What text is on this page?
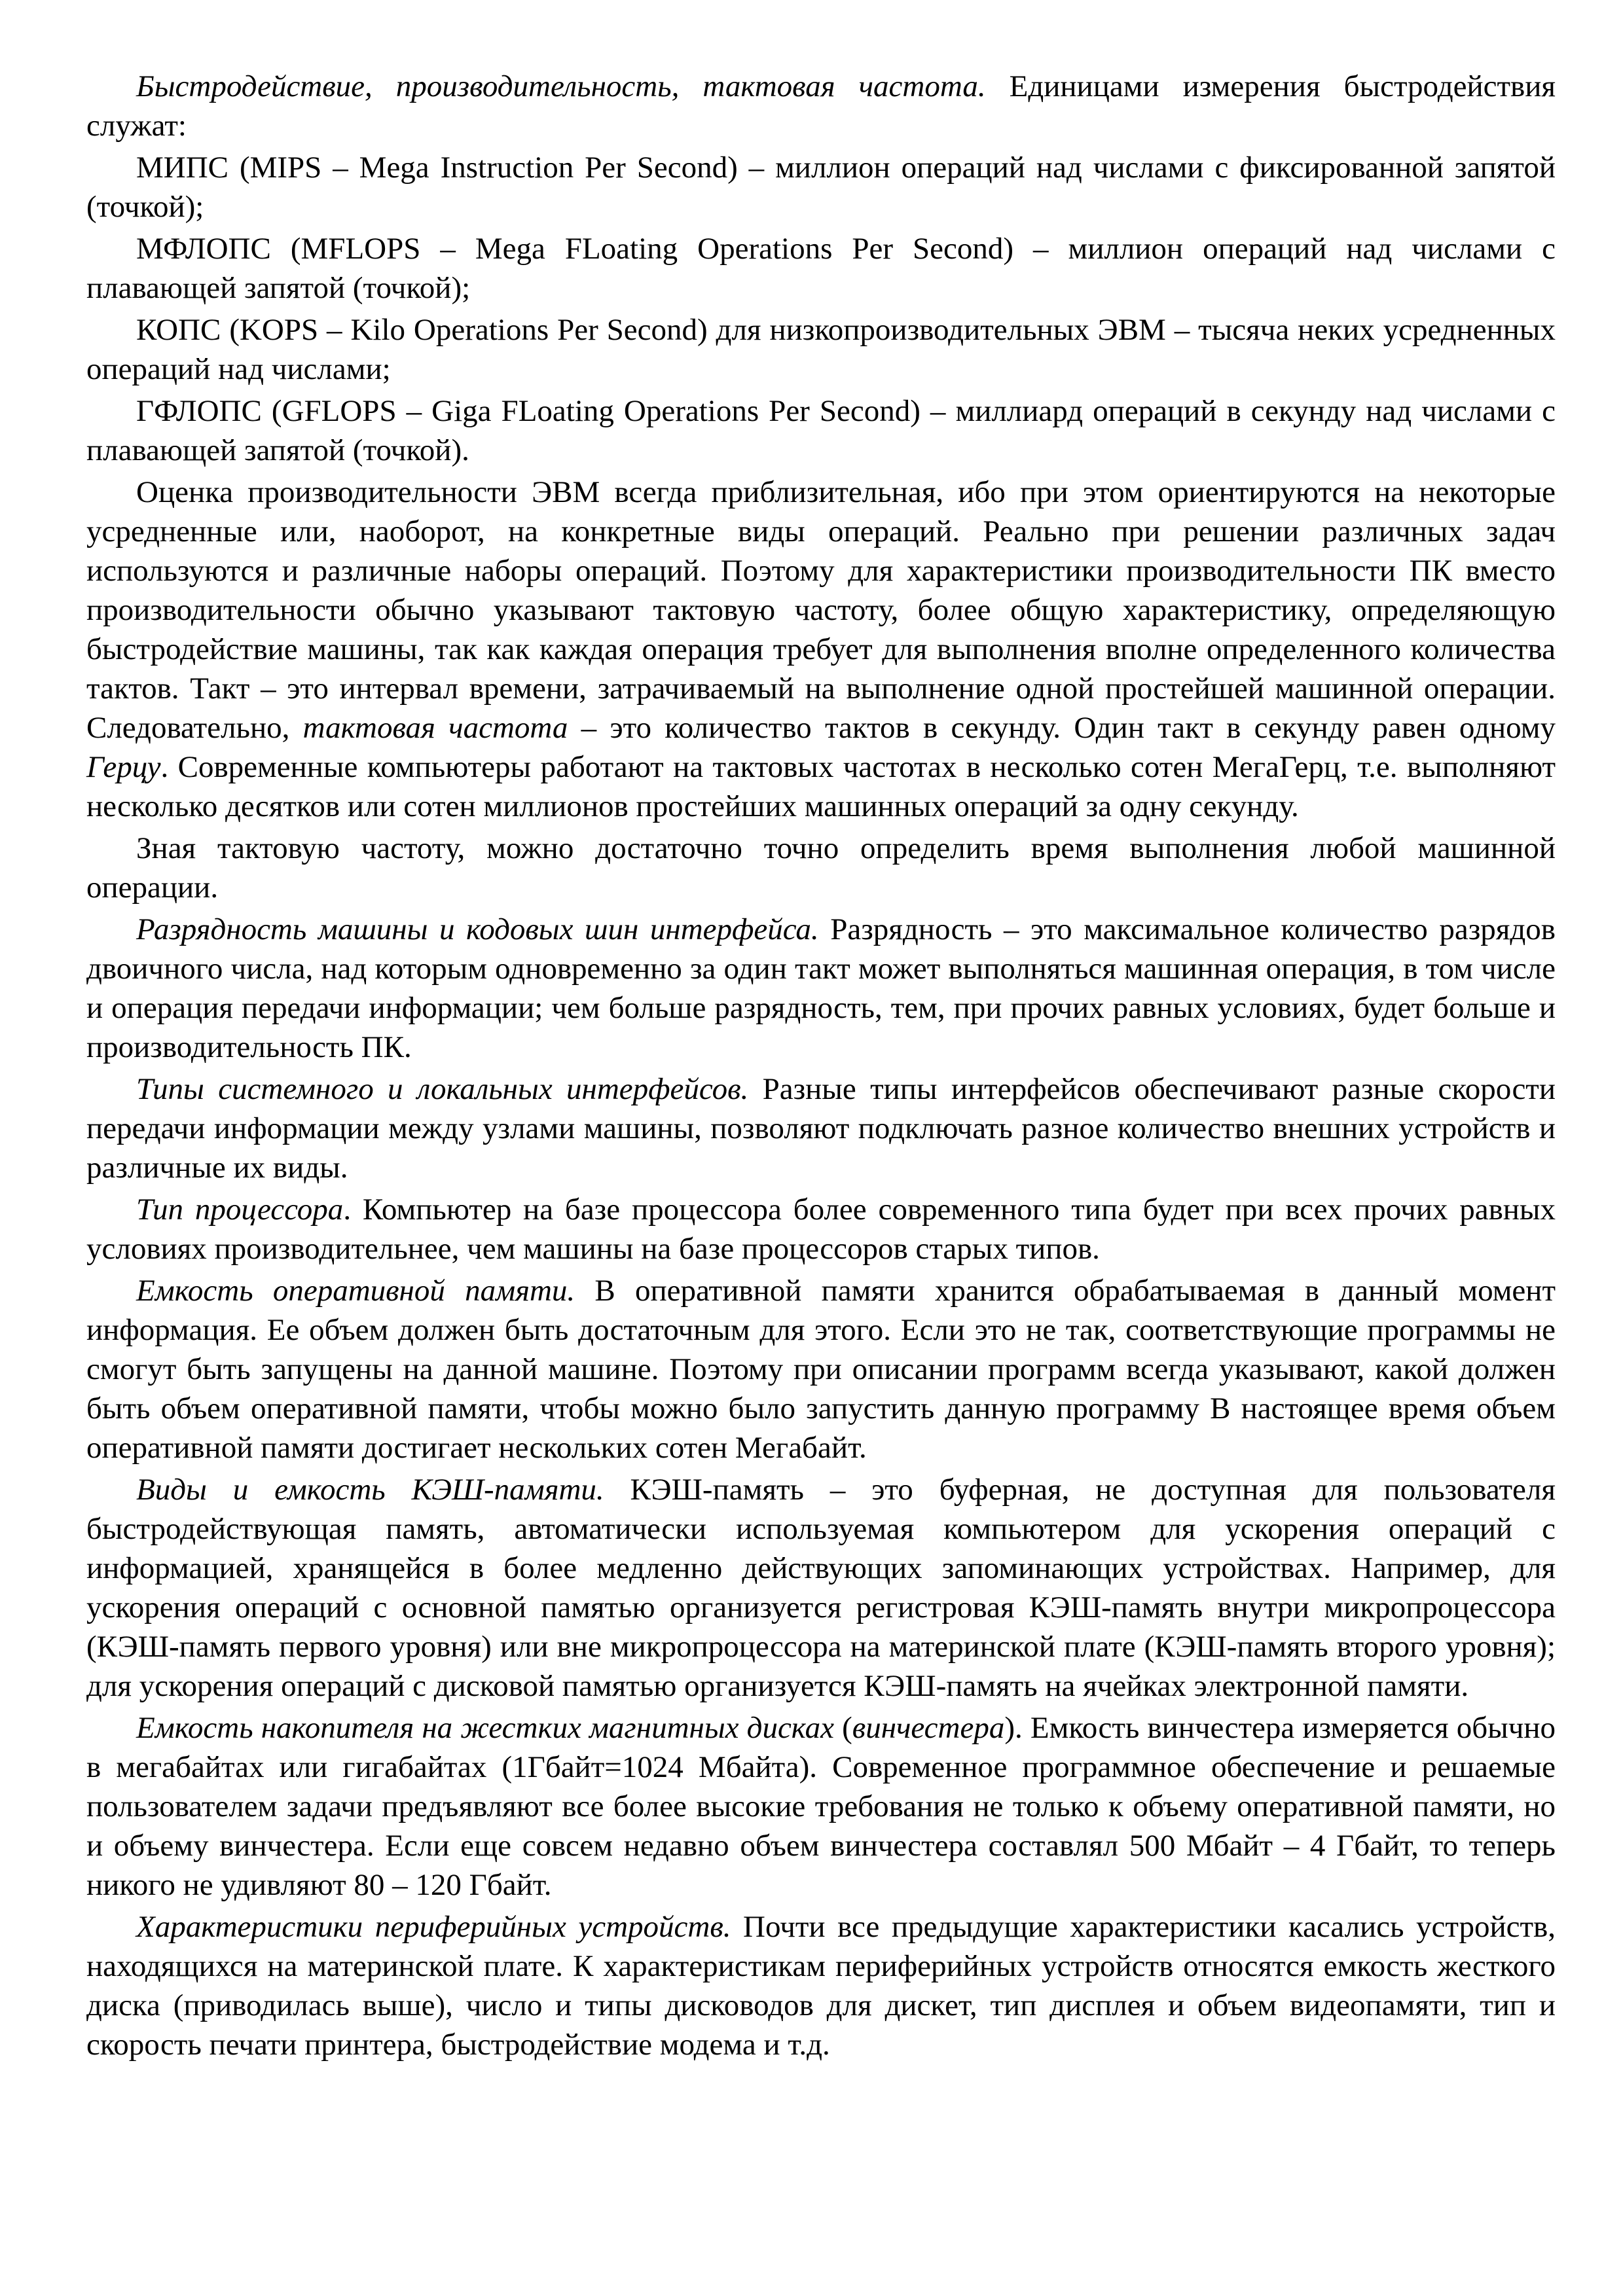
Быстродействие, производительность, тактовая частота. Единицами измерения быстродействия служат:

МИПС (MIPS – Mega Instruction Per Second) – миллион операций над числами с фиксированной запятой (точкой);

МФЛОПС (MFLOPS – Mega FLoating Operations Per Second) – миллион операций над числами с плавающей запятой (точкой);

КОПС (KOPS – Kilo Operations Per Second) для низкопроизводительных ЭВМ – тысяча неких усредненных операций над числами;

ГФЛОПС (GFLOPS – Giga FLoating Operations Per Second) – миллиард операций в секунду над числами с плавающей запятой (точкой).

Оценка производительности ЭВМ всегда приблизительная, ибо при этом ориентируются на некоторые усредненные или, наоборот, на конкретные виды операций. Реально при решении различных задач используются и различные наборы операций. Поэтому для характеристики производительности ПК вместо производительности обычно указывают тактовую частоту, более общую характеристику, определяющую быстродействие машины, так как каждая операция требует для выполнения вполне определенного количества тактов. Такт – это интервал времени, затрачиваемый на выполнение одной простейшей машинной операции. Следовательно, тактовая частота – это количество тактов в секунду. Один такт в секунду равен одному Герцу. Современные компьютеры работают на тактовых частотах в несколько сотен МегаГерц, т.е. выполняют несколько десятков или сотен миллионов простейших машинных операций за одну секунду.

Зная тактовую частоту, можно достаточно точно определить время выполнения любой машинной операции.

Разрядность машины и кодовых шин интерфейса. Разрядность – это максимальное количество разрядов двоичного числа, над которым одновременно за один такт может выполняться машинная операция, в том числе и операция передачи информации; чем больше разрядность, тем, при прочих равных условиях, будет больше и производительность ПК.

Типы системного и локальных интерфейсов. Разные типы интерфейсов обеспечивают разные скорости передачи информации между узлами машины, позволяют подключать разное количество внешних устройств и различные их виды.

Тип процессора. Компьютер на базе процессора более современного типа будет при всех прочих равных условиях производительнее, чем машины на базе процессоров старых типов.

Емкость оперативной памяти. В оперативной памяти хранится обрабатываемая в данный момент информация. Ее объем должен быть достаточным для этого. Если это не так, соответствующие программы не смогут быть запущены на данной машине. Поэтому при описании программ всегда указывают, какой должен быть объем оперативной памяти, чтобы можно было запустить данную программу В настоящее время объем оперативной памяти достигает нескольких сотен Мегабайт.

Виды и емкость КЭШ-памяти. КЭШ-память – это буферная, не доступная для пользователя быстродействующая память, автоматически используемая компьютером для ускорения операций с информацией, хранящейся в более медленно действующих запоминающих устройствах. Например, для ускорения операций с основной памятью организуется регистровая КЭШ-память внутри микропроцессора (КЭШ-память первого уровня) или вне микропроцессора на материнской плате (КЭШ-память второго уровня); для ускорения операций с дисковой памятью организуется КЭШ-память на ячейках электронной памяти.

Емкость накопителя на жестких магнитных дисках (винчестера). Емкость винчестера измеряется обычно в мегабайтах или гигабайтах (1Гбайт=1024 Мбайта). Современное программное обеспечение и решаемые пользователем задачи предъявляют все более высокие требования не только к объему оперативной памяти, но и объему винчестера. Если еще совсем недавно объем винчестера составлял 500 Мбайт – 4 Гбайт, то теперь никого не удивляют 80 – 120 Гбайт.

Характеристики периферийных устройств. Почти все предыдущие характеристики касались устройств, находящихся на материнской плате. К характеристикам периферийных устройств относятся емкость жесткого диска (приводилась выше), число и типы дисководов для дискет, тип дисплея и объем видеопамяти, тип и скорость печати принтера, быстродействие модема и т.д.
